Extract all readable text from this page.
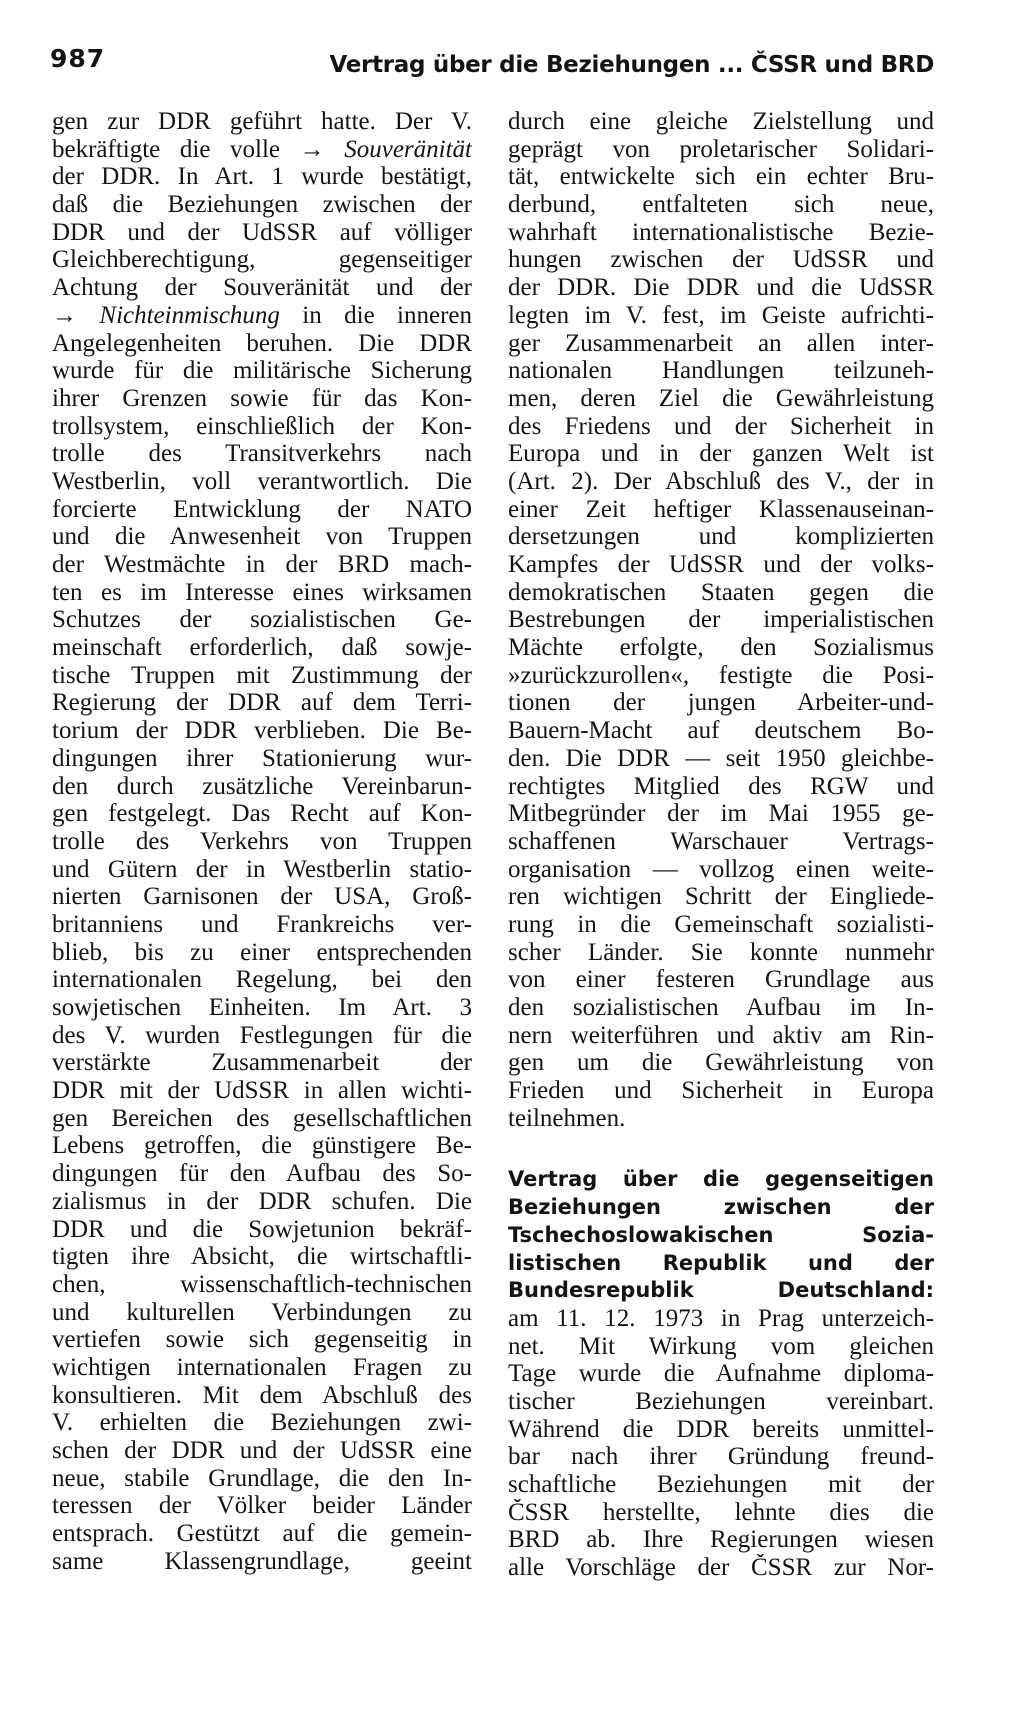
987	Vertrag über die Beziehungen ... ČSSR und BRD
gen zur DDR geführt hatte. Der V.
bekräftigte die volle → Souveränität
der DDR. In Art. 1 wurde bestätigt,
daß die Beziehungen zwischen der
DDR und der UdSSR auf völliger
Gleichberechtigung, gegenseitiger
Achtung der Souveränität und der
→ Nichteinmischung in die inneren
Angelegenheiten beruhen. Die DDR
wurde für die militärische Sicherung
ihrer Grenzen sowie für das Kon-
trollsystem, einschließlich der Kon-
trolle des Transitverkehrs nach
Westberlin, voll verantwortlich. Die
forcierte Entwicklung der NATO
und die Anwesenheit von Truppen
der Westmächte in der BRD mach-
ten es im Interesse eines wirksamen
Schutzes der sozialistischen Ge-
meinschaft erforderlich, daß sowje-
tische Truppen mit Zustimmung der
Regierung der DDR auf dem Terri-
torium der DDR verblieben. Die Be-
dingungen ihrer Stationierung wur-
den durch zusätzliche Vereinbarun-
gen festgelegt. Das Recht auf Kon-
trolle des Verkehrs von Truppen
und Gütern der in Westberlin statio-
nierten Garnisonen der USA, Groß-
britanniens und Frankreichs ver-
blieb, bis zu einer entsprechenden
internationalen Regelung, bei den
sowjetischen Einheiten. Im Art. 3
des V. wurden Festlegungen für die
verstärkte Zusammenarbeit der
DDR mit der UdSSR in allen wichti-
gen Bereichen des gesellschaftlichen
Lebens getroffen, die günstigere Be-
dingungen für den Aufbau des So-
zialismus in der DDR schufen. Die
DDR und die Sowjetunion bekräf-
tigten ihre Absicht, die wirtschaftli-
chen, wissenschaftlich-technischen
und kulturellen Verbindungen zu
vertiefen sowie sich gegenseitig in
wichtigen internationalen Fragen zu
konsultieren. Mit dem Abschluß des
V. erhielten die Beziehungen zwi-
schen der DDR und der UdSSR eine
neue, stabile Grundlage, die den In-
teressen der Völker beider Länder
entsprach. Gestützt auf die gemein-
same Klassengrundlage, geeint
durch eine gleiche Zielstellung und
geprägt von proletarischer Solidari-
tät, entwickelte sich ein echter Bru-
derbund, entfalteten sich neue,
wahrhaft internationalistische Bezie-
hungen zwischen der UdSSR und
der DDR. Die DDR und die UdSSR
legten im V. fest, im Geiste aufrichti-
ger Zusammenarbeit an allen inter-
nationalen Handlungen teilzuneh-
men, deren Ziel die Gewährleistung
des Friedens und der Sicherheit in
Europa und in der ganzen Welt ist
(Art. 2). Der Abschluß des V., der in
einer Zeit heftiger Klassenauseinan-
dersetzungen und komplizierten
Kampfes der UdSSR und der volks-
demokratischen Staaten gegen die
Bestrebungen der imperialistischen
Mächte erfolgte, den Sozialismus
»zurückzurollen«, festigte die Posi-
tionen der jungen Arbeiter-und-
Bauern-Macht auf deutschem Bo-
den. Die DDR — seit 1950 gleichbe-
rechtigtes Mitglied des RGW und
Mitbegründer der im Mai 1955 ge-
schaffenen Warschauer Vertrags-
organisation — vollzog einen weite-
ren wichtigen Schritt der Eingliede-
rung in die Gemeinschaft sozialisti-
scher Länder. Sie konnte nunmehr
von einer festeren Grundlage aus
den sozialistischen Aufbau im In-
nern weiterführen und aktiv am Rin-
gen um die Gewährleistung von
Frieden und Sicherheit in Europa
teilnehmen.
Vertrag über die gegenseitigen
Beziehungen zwischen der
Tschechoslowakischen Sozia-
listischen Republik und der
Bundesrepublik Deutschland:
am 11. 12. 1973 in Prag unterzeich-
net. Mit Wirkung vom gleichen
Tage wurde die Aufnahme diploma-
tischer Beziehungen vereinbart.
Während die DDR bereits unmittel-
bar nach ihrer Gründung freund-
schaftliche Beziehungen mit der
ČSSR herstellte, lehnte dies die
BRD ab. Ihre Regierungen wiesen
alle Vorschläge der ČSSR zur Nor-
